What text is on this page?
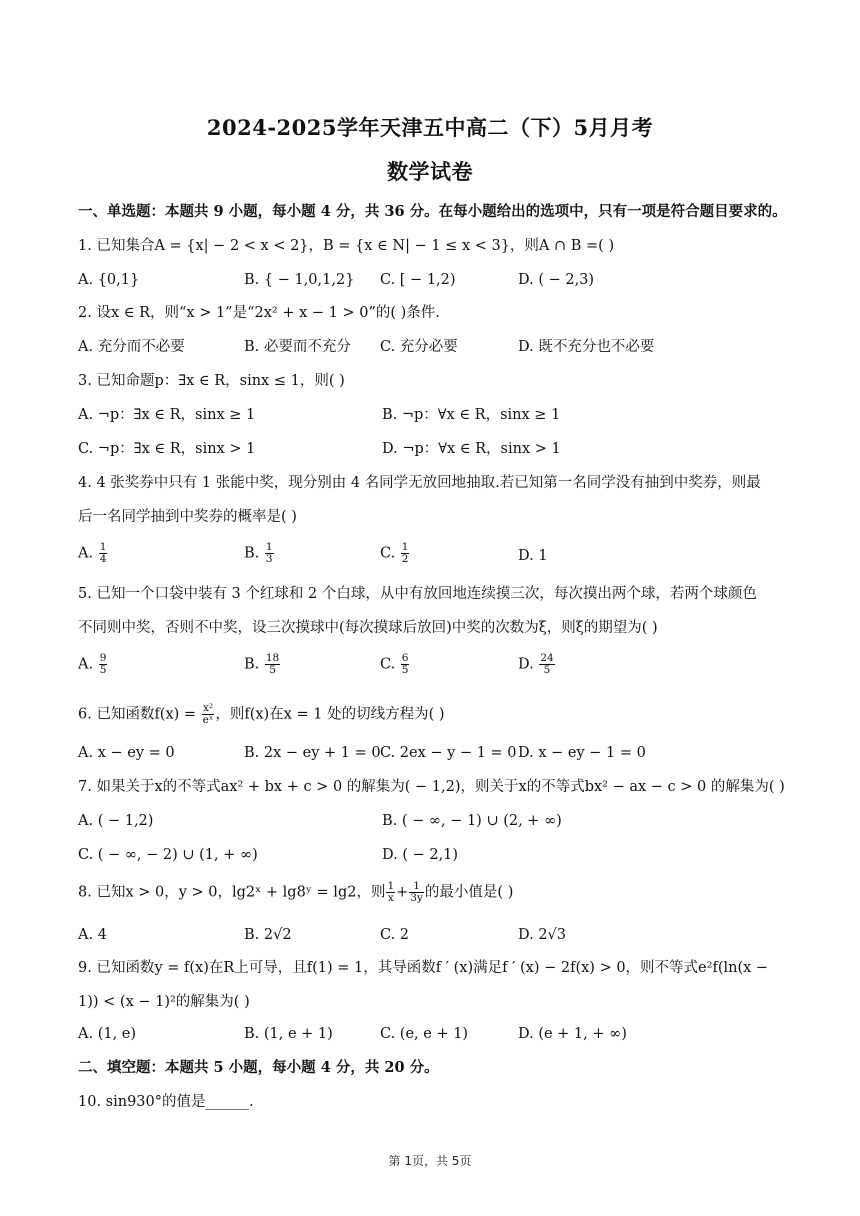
2024-2025学年天津五中高二（下）5月月考
数学试卷
一、单选题：本题共 9 小题，每小题 4 分，共 36 分。在每小题给出的选项中，只有一项是符合题目要求的。
1. 已知集合A = {x| − 2 < x < 2}，B = {x ∈ N| − 1 ≤ x < 3}，则A ∩ B =( )
A. {0,1}	B. { − 1,0,1,2} C. [ − 1,2)	D. ( − 2,3)
2. 设x ∈ R，则“x > 1”是“2x² + x − 1 > 0”的( )条件.
A. 充分而不必要	B. 必要而不充分 C. 充分必要	D. 既不充分也不必要
3. 已知命题p：∃x ∈ R，sinx ≤ 1，则( )
A. ¬p：∃x ∈ R，sinx ≥ 1	B. ¬p：∀x ∈ R，sinx ≥ 1
C. ¬p：∃x ∈ R，sinx > 1	D. ¬p：∀x ∈ R，sinx > 1
4. 4 张奖券中只有 1 张能中奖，现分别由 4 名同学无放回地抽取.若已知第一名同学没有抽到中奖券，则最
后一名同学抽到中奖券的概率是( )
A. $\frac{1}{4}$	B. $\frac{1}{3}$	C. $\frac{1}{2}$	D. 1
5. 已知一个口袋中装有 3 个红球和 2 个白球，从中有放回地连续摸三次，每次摸出两个球，若两个球颜色
不同则中奖，否则不中奖，设三次摸球中(每次摸球后放回)中奖的次数为ξ，则ξ的期望为( )
A. $\frac{9}{5}$	B. $\frac{18}{5}$	C. $\frac{6}{5}$	D. $\frac{24}{5}$
6. 已知函数$f(x) = \frac{\text{x²}}{\text{eˣ}}$ ，则f(x)在x = 1 处的切线方程为( )
A. x − ey = 0	B. 2x − ey + 1 = 0 C. 2ex − y − 1 = 0 D. x − ey − 1 = 0
7. 如果关于x的不等式ax² + bx + c > 0 的解集为( − 1,2)，则关于x的不等式bx² − ax − c > 0 的解集为( )
A. ( − 1,2)	B. ( − ∞, − 1) ∪ (2, + ∞)
C. ( − ∞, − 2) ∪ (1, + ∞)	D. ( − 2,1)
8. 已知x > 0，y > 0，lg2ˣ + lg8ʸ = lg2，则 $\frac{1}{x} + \frac{1}{3y}$ 的最小值是( )
A. 4	B. 2√2	C. 2	D. 2√3
9. 已知函数y = f(x)在R上可导，且f(1) = 1，其导函数f ′ (x)满足f ′ (x) − 2f(x) > 0，则不等式e²f(ln(x −
1)) < (x − 1)²的解集为( )
A. (1, e)	B. (1, e + 1)	C. (e, e + 1)	D. (e + 1, + ∞)
二、填空题：本题共 5 小题，每小题 4 分，共 20 分。
10. sin930°的值是______.
第 1页，共 5页
